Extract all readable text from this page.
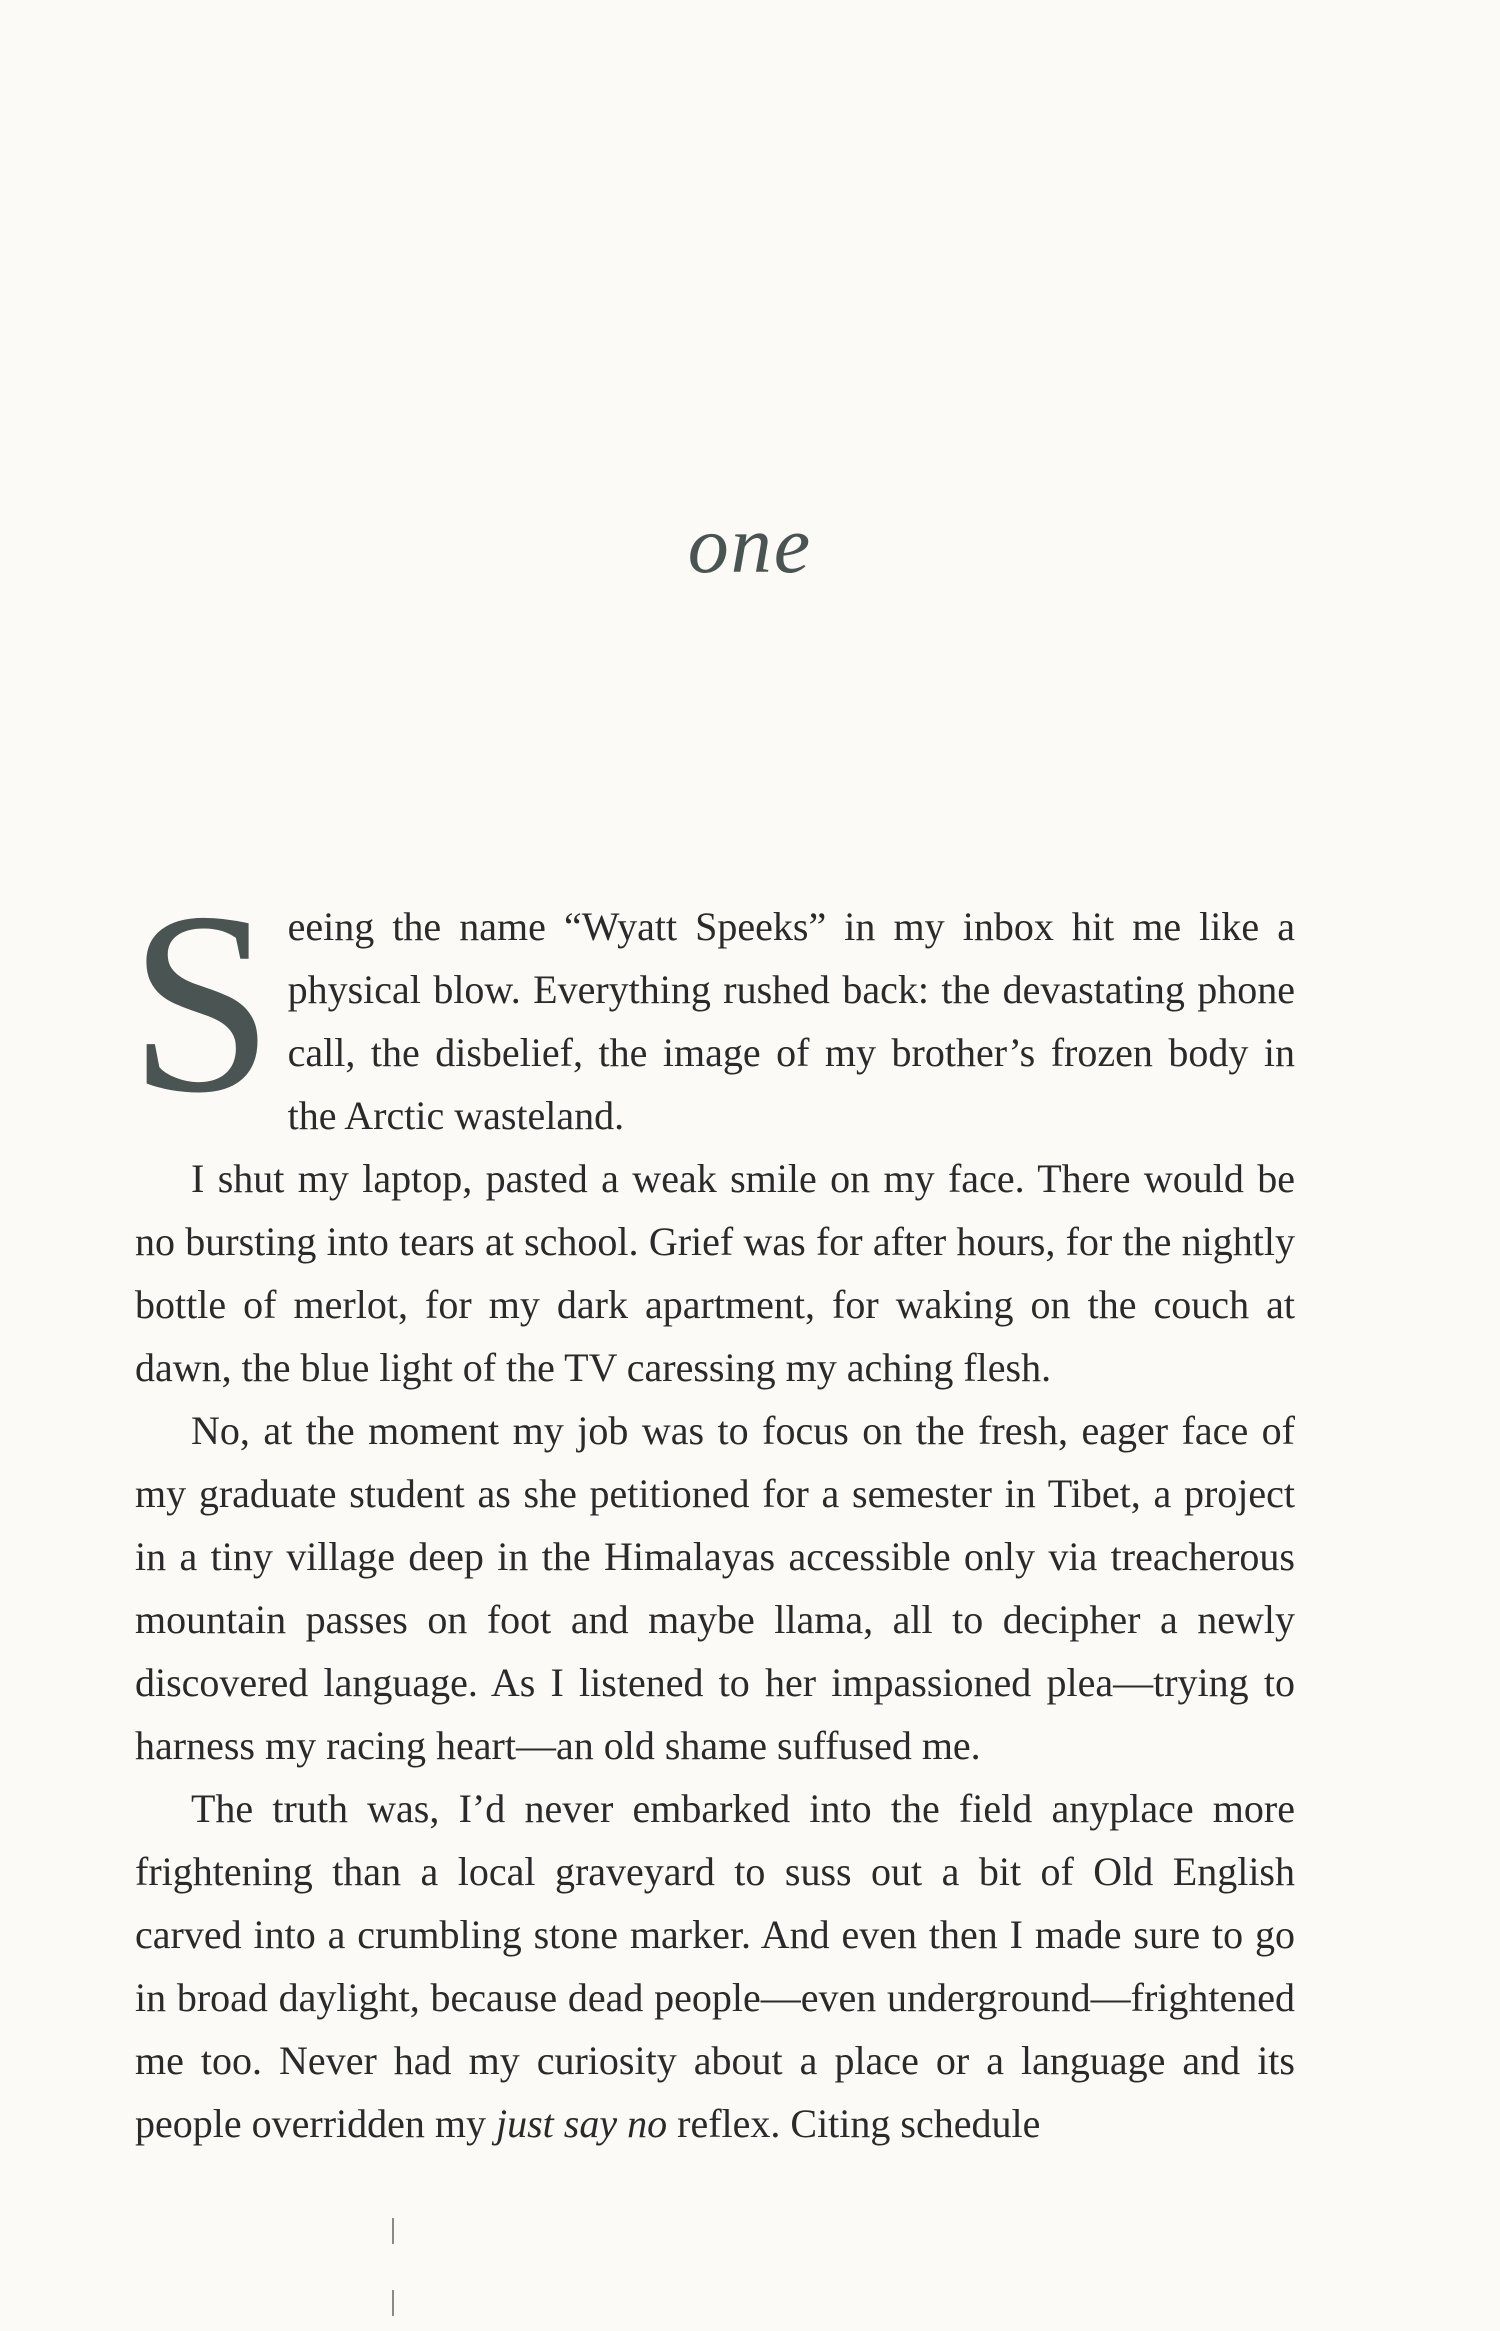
one

Seeing the name “Wyatt Speeks” in my inbox hit me like a physical blow. Everything rushed back: the devastating phone call, the disbelief, the image of my brother’s frozen body in the Arctic wasteland.

I shut my laptop, pasted a weak smile on my face. There would be no bursting into tears at school. Grief was for after hours, for the nightly bottle of merlot, for my dark apartment, for waking on the couch at dawn, the blue light of the TV caressing my aching flesh.

No, at the moment my job was to focus on the fresh, eager face of my graduate student as she petitioned for a semester in Tibet, a project in a tiny village deep in the Himalayas accessible only via treacherous mountain passes on foot and maybe llama, all to decipher a newly discovered language. As I listened to her impassioned plea—trying to harness my racing heart—an old shame suffused me.

The truth was, I’d never embarked into the field anyplace more frightening than a local graveyard to suss out a bit of Old English carved into a crumbling stone marker. And even then I made sure to go in broad daylight, because dead people—even underground—frightened me too. Never had my curiosity about a place or a language and its people overridden my just say no reflex. Citing schedule
